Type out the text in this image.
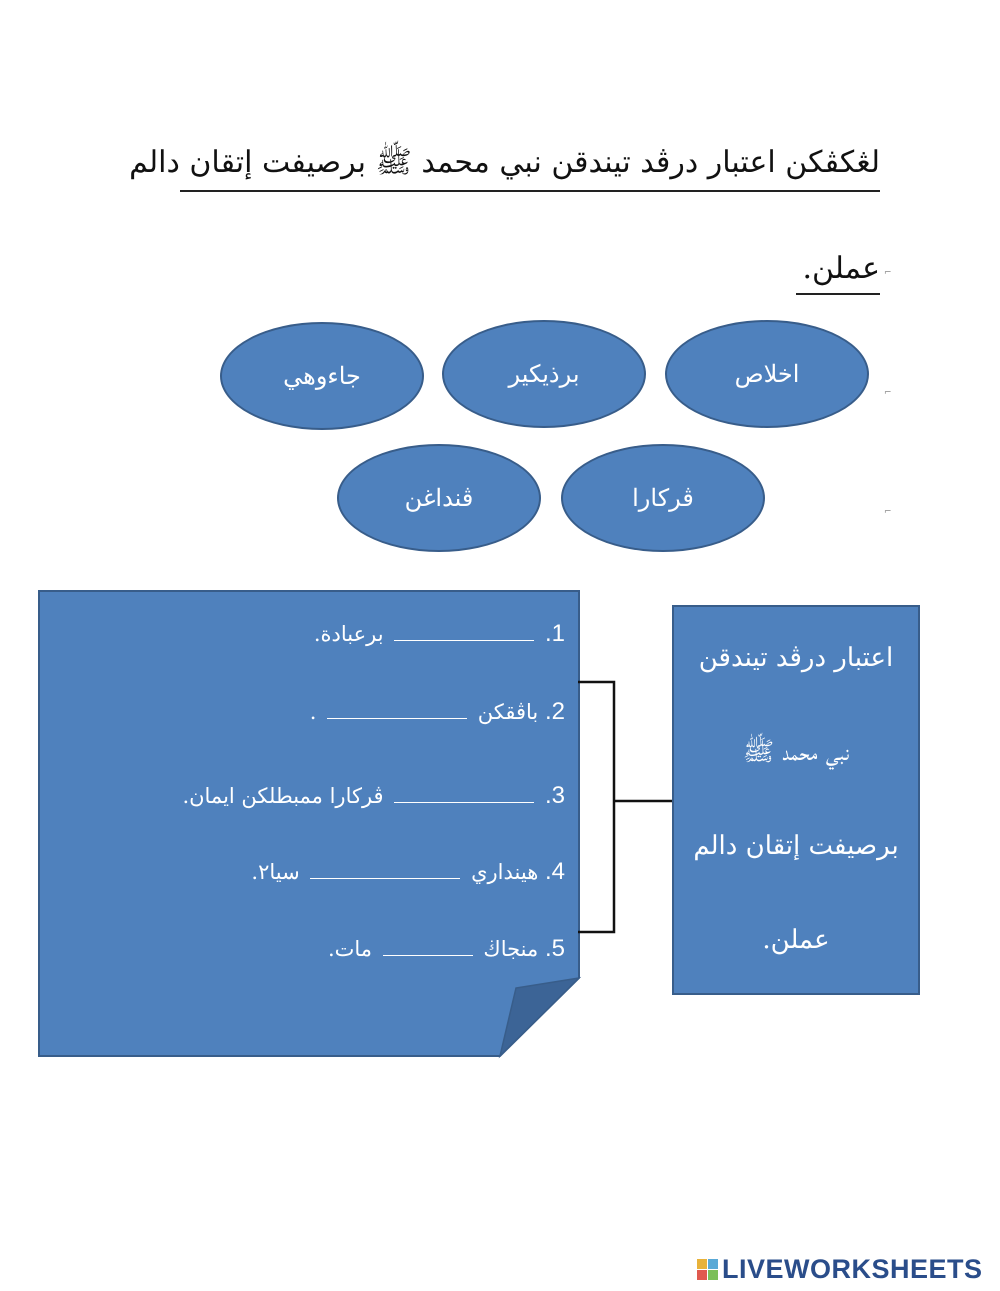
لڠكڤكن اعتبار درڤد تيندقن نبي محمد ﷺ برصيفت إتقان دالم
عملن. ⌐
⌐
⌐
اخلاص
برذيكير
جاءوهي
ڤركارا
ڤنداغن
1.  برعبادة.
2. باڤقكن  .
3.  ڤركارا ممبطلكن ايمان.
4. هينداري  سيا٢.
5. منجاڬ  مات.
اعتبار درڤد تيندقن
نبي محمد ﷺ
برصيفت إتقان دالم
عملن.
LIVEWORKSHEETS
